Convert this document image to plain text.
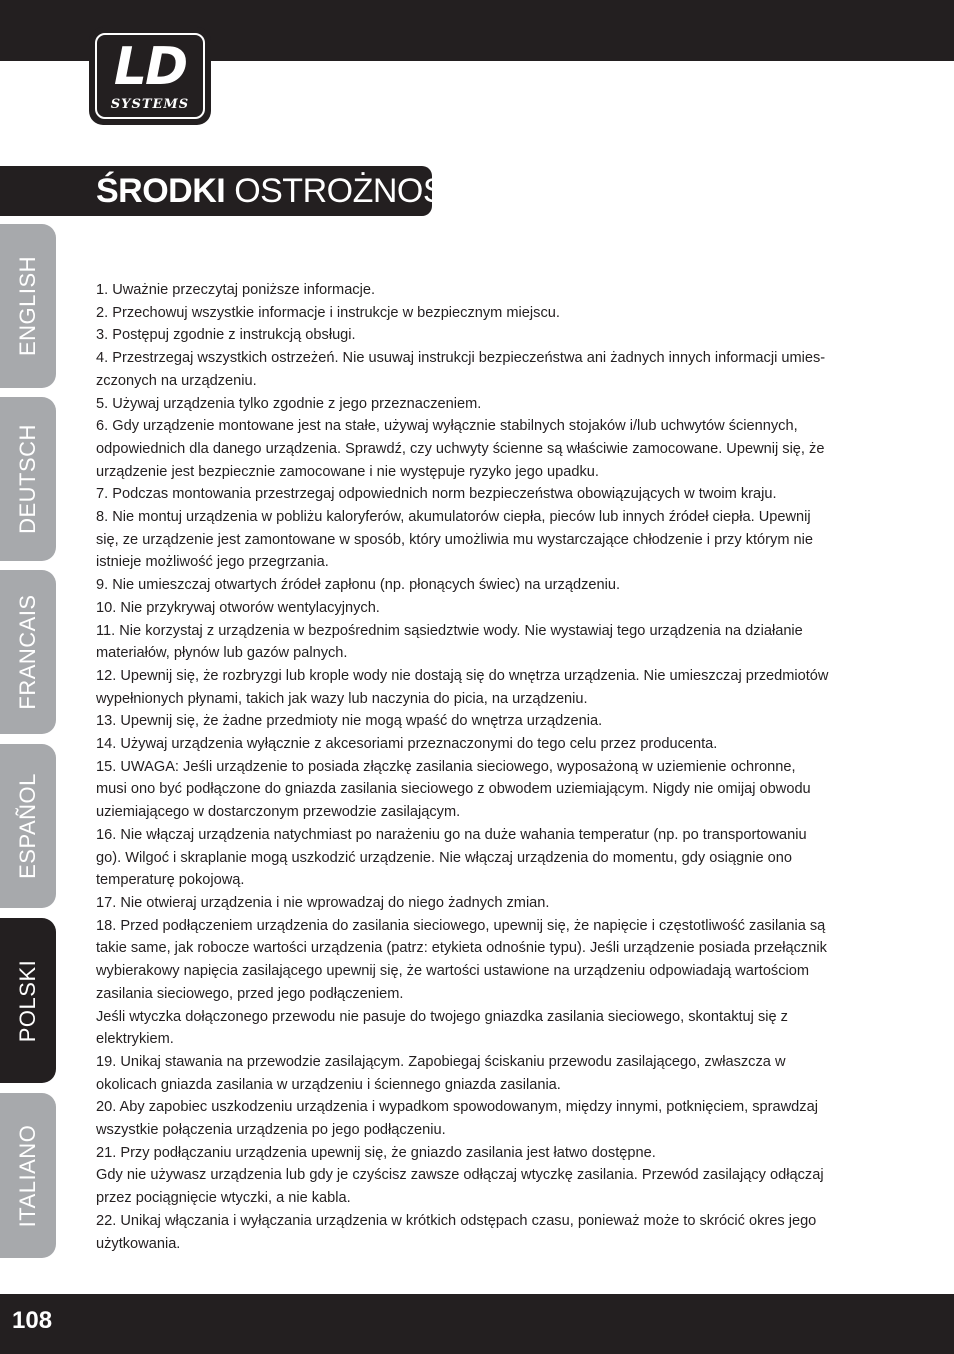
LD
SYSTEMS
ŚRODKI OSTROŻNOŚCI:
ENGLISH
DEUTSCH
FRANCAIS
ESPAÑOL
POLSKI
ITALIANO

1. Uważnie przeczytaj poniższe informacje.

2. Przechowuj wszystkie informacje i instrukcje w bezpiecznym miejscu.

3. Postępuj zgodnie z instrukcją obsługi.

4. Przestrzegaj wszystkich ostrzeżeń. Nie usuwaj instrukcji bezpieczeństwa ani żadnych innych informacji umies-

zczonych na urządzeniu.

5. Używaj urządzenia tylko zgodnie z jego przeznaczeniem.

6. Gdy urządzenie montowane jest na stałe, używaj wyłącznie stabilnych stojaków i/lub uchwytów ściennych,

odpowiednich dla danego urządzenia. Sprawdź, czy uchwyty ścienne są właściwie zamocowane. Upewnij się, że

urządzenie jest bezpiecznie zamocowane i nie występuje ryzyko jego upadku.

7. Podczas montowania przestrzegaj odpowiednich norm bezpieczeństwa obowiązujących w twoim kraju.

8. Nie montuj urządzenia w pobliżu kaloryferów, akumulatorów ciepła, pieców lub innych źródeł ciepła. Upewnij

się, ze urządzenie jest zamontowane w sposób, który umożliwia mu wystarczające chłodzenie i przy którym nie

istnieje możliwość jego przegrzania.

9. Nie umieszczaj otwartych źródeł zapłonu (np. płonących świec) na urządzeniu.

10. Nie przykrywaj otworów wentylacyjnych.

11. Nie korzystaj z urządzenia w bezpośrednim sąsiedztwie wody. Nie wystawiaj tego urządzenia na działanie

materiałów, płynów lub gazów palnych.

12. Upewnij się, że rozbryzgi lub krople wody nie dostają się do wnętrza urządzenia. Nie umieszczaj przedmiotów

wypełnionych płynami, takich jak wazy lub naczynia do picia, na urządzeniu.

13. Upewnij się, że żadne przedmioty nie mogą wpaść do wnętrza urządzenia.

14. Używaj urządzenia wyłącznie z akcesoriami przeznaczonymi do tego celu przez producenta.

15. UWAGA: Jeśli urządzenie to posiada złączkę zasilania sieciowego, wyposażoną w uziemienie ochronne,

musi ono być podłączone do gniazda zasilania sieciowego z obwodem uziemiającym. Nigdy nie omijaj obwodu

uziemiającego w dostarczonym przewodzie zasilającym.

16. Nie włączaj urządzenia natychmiast po narażeniu go na duże wahania temperatur (np. po transportowaniu

go). Wilgoć i skraplanie mogą uszkodzić urządzenie. Nie włączaj urządzenia do momentu, gdy osiągnie ono

temperaturę pokojową.

17. Nie otwieraj urządzenia i nie wprowadzaj do niego żadnych zmian.

18. Przed podłączeniem urządzenia do zasilania sieciowego, upewnij się, że napięcie i częstotliwość zasilania są

takie same, jak robocze wartości urządzenia (patrz: etykieta odnośnie typu). Jeśli urządzenie posiada przełącznik

wybierakowy napięcia zasilającego upewnij się, że wartości ustawione na urządzeniu odpowiadają wartościom

zasilania sieciowego, przed jego podłączeniem.

Jeśli wtyczka dołączonego przewodu nie pasuje do twojego gniazdka zasilania sieciowego, skontaktuj się z

elektrykiem.

19. Unikaj stawania na przewodzie zasilającym. Zapobiegaj ściskaniu przewodu zasilającego, zwłaszcza w

okolicach gniazda zasilania w urządzeniu i ściennego gniazda zasilania.

20. Aby zapobiec uszkodzeniu urządzenia i wypadkom spowodowanym, między innymi, potknięciem, sprawdzaj

wszystkie połączenia urządzenia po jego podłączeniu.

21. Przy podłączaniu urządzenia upewnij się, że gniazdo zasilania jest łatwo dostępne.

Gdy nie używasz urządzenia lub gdy je czyścisz zawsze odłączaj wtyczkę zasilania. Przewód zasilający odłączaj

przez pociągnięcie wtyczki, a nie kabla.

22. Unikaj włączania i wyłączania urządzenia w krótkich odstępach czasu, ponieważ może to skrócić okres jego

użytkowania.

108
